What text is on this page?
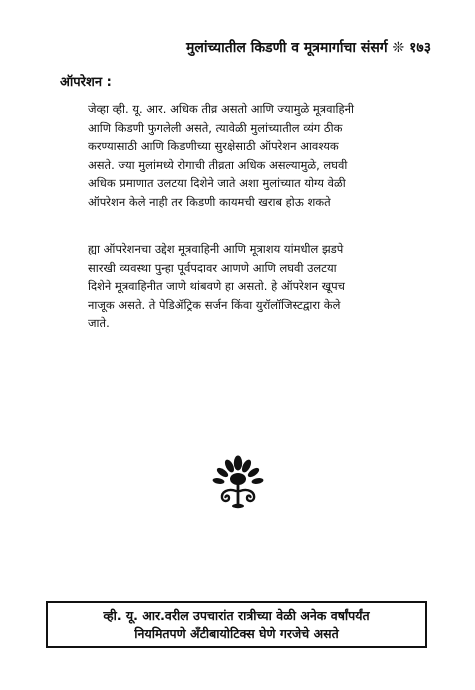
मुलांच्यातील किडणी व मूत्रमार्गाचा संसर्ग ❊ १७३
ऑपरेशन :

जेव्हा व्ही. यू. आर. अधिक तीव्र असतो आणि ज्यामुळे मूत्रवाहिनी
आणि किडणी फुगलेली असते, त्यावेळी मुलांच्यातील व्यंग ठीक
करण्यासाठी आणि किडणीच्या सुरक्षेसाठी ऑपरेशन आवश्यक
असते. ज्या मुलांमध्ये रोगाची तीव्रता अधिक असल्यामुळे, लघवी
अधिक प्रमाणात उलटया दिशेने जाते अशा मुलांच्यात योग्य वेळी
ऑपरेशन केले नाही तर किडणी कायमची खराब होऊ शकते

ह्या ऑपरेशनचा उद्देश मूत्रवाहिनी आणि मूत्राशय यांमधील झडपे
सारखी व्यवस्था पुन्हा पूर्वपदावर आणणे आणि लघवी उलटया
दिशेने मूत्रवाहिनीत जाणे थांबवणे हा असतो. हे ऑपरेशन खूपच
नाजूक असते. ते पेडिॲट्रिक सर्जन किंवा युरॉलॉजिस्टद्वारा केले
जाते.

व्ही. यू. आर.वरील उपचारांत रात्रीच्या वेळी अनेक वर्षांपर्यंत
नियमितपणे अँटीबायोटिक्स घेणे गरजेचे असते
